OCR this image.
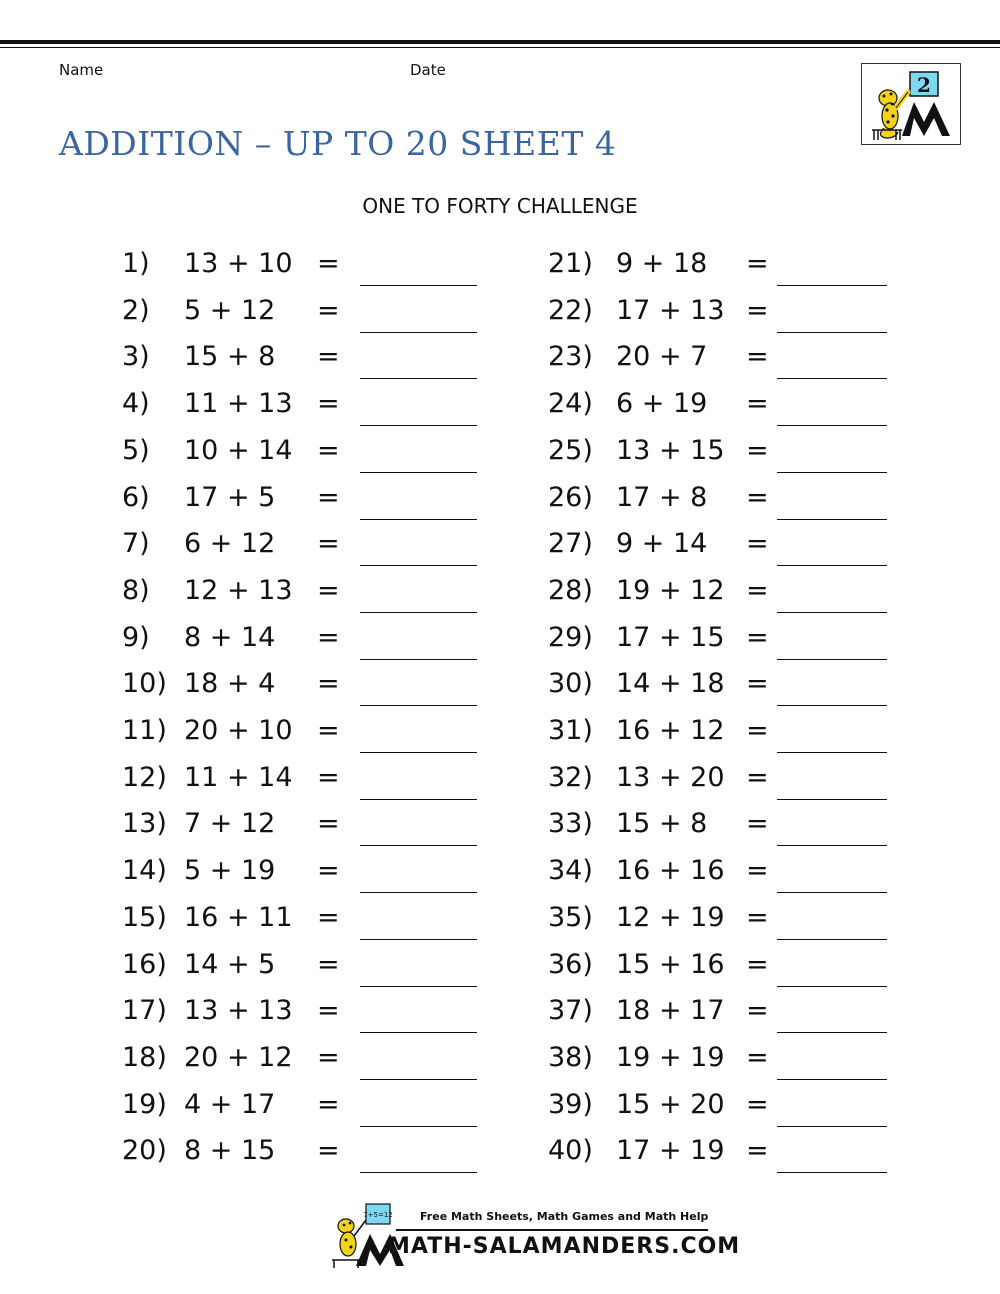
Name	Date
ADDITION – UP TO 20 SHEET 4
ONE TO FORTY CHALLENGE
2
1) 13 + 10 =
2) 5 + 12 =
3) 15 + 8 =
4) 11 + 13 =
5) 10 + 14 =
6) 17 + 5 =
7) 6 + 12 =
8) 12 + 13 =
9) 8 + 14 =
10) 18 + 4 =
11) 20 + 10 =
12) 11 + 14 =
13) 7 + 12 =
14) 5 + 19 =
15) 16 + 11 =
16) 14 + 5 =
17) 13 + 13 =
18) 20 + 12 =
19) 4 + 17 =
20) 8 + 15 =
21) 9 + 18 =
22) 17 + 13 =
23) 20 + 7 =
24) 6 + 19 =
25) 13 + 15 =
26) 17 + 8 =
27) 9 + 14 =
28) 19 + 12 =
29) 17 + 15 =
30) 14 + 18 =
31) 16 + 12 =
32) 13 + 20 =
33) 15 + 8 =
34) 16 + 16 =
35) 12 + 19 =
36) 15 + 16 =
37) 18 + 17 =
38) 19 + 19 =
39) 15 + 20 =
40) 17 + 19 =
7+5=12 Free Math Sheets, Math Games and Math Help
MATH-SALAMANDERS.COM
